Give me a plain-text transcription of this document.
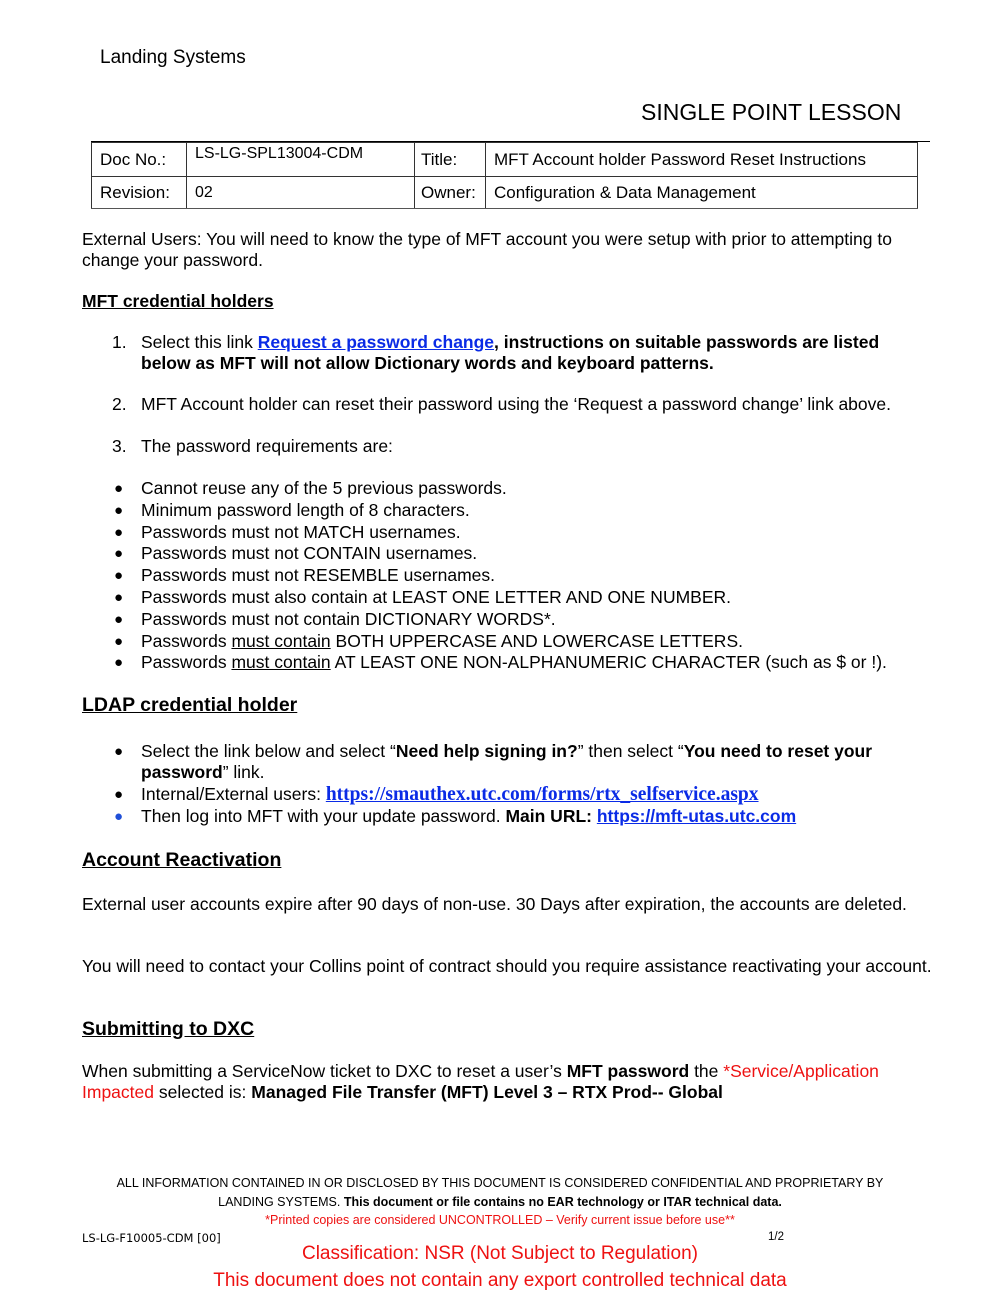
Landing Systems
SINGLE POINT LESSON
Doc No.:	LS-LG-SPL13004-CDM	Title:	MFT Account holder Password Reset Instructions
Revision:	02	Owner:	Configuration & Data Management
External Users: You will need to know the type of MFT account you were setup with prior to attempting to change your password.
MFT credential holders
1. Select this link Request a password change, instructions on suitable passwords are listed below as MFT will not allow Dictionary words and keyboard patterns.
2. MFT Account holder can reset their password using the ‘Request a password change’ link above.
3. The password requirements are:
● Cannot reuse any of the 5 previous passwords.
● Minimum password length of 8 characters.
● Passwords must not MATCH usernames.
● Passwords must not CONTAIN usernames.
● Passwords must not RESEMBLE usernames.
● Passwords must also contain at LEAST ONE LETTER AND ONE NUMBER.
● Passwords must not contain DICTIONARY WORDS*.
● Passwords must contain BOTH UPPERCASE AND LOWERCASE LETTERS.
● Passwords must contain AT LEAST ONE NON-ALPHANUMERIC CHARACTER (such as $ or !).
LDAP credential holder
● Select the link below and select “Need help signing in?” then select “You need to reset your password” link.
● Internal/External users: https://smauthex.utc.com/forms/rtx_selfservice.aspx
● Then log into MFT with your update password. Main URL: https://mft-utas.utc.com
Account Reactivation
External user accounts expire after 90 days of non-use. 30 Days after expiration, the accounts are deleted.
You will need to contact your Collins point of contract should you require assistance reactivating your account.
Submitting to DXC
When submitting a ServiceNow ticket to DXC to reset a user’s MFT password the *Service/Application Impacted selected is: Managed File Transfer (MFT) Level 3 – RTX Prod-- Global
ALL INFORMATION CONTAINED IN OR DISCLOSED BY THIS DOCUMENT IS CONSIDERED CONFIDENTIAL AND PROPRIETARY BY
LANDING SYSTEMS. This document or file contains no EAR technology or ITAR technical data.
*Printed copies are considered UNCONTROLLED – Verify current issue before use**
LS-LG-F10005-CDM [00]	1/2
Classification: NSR (Not Subject to Regulation)
This document does not contain any export controlled technical data
